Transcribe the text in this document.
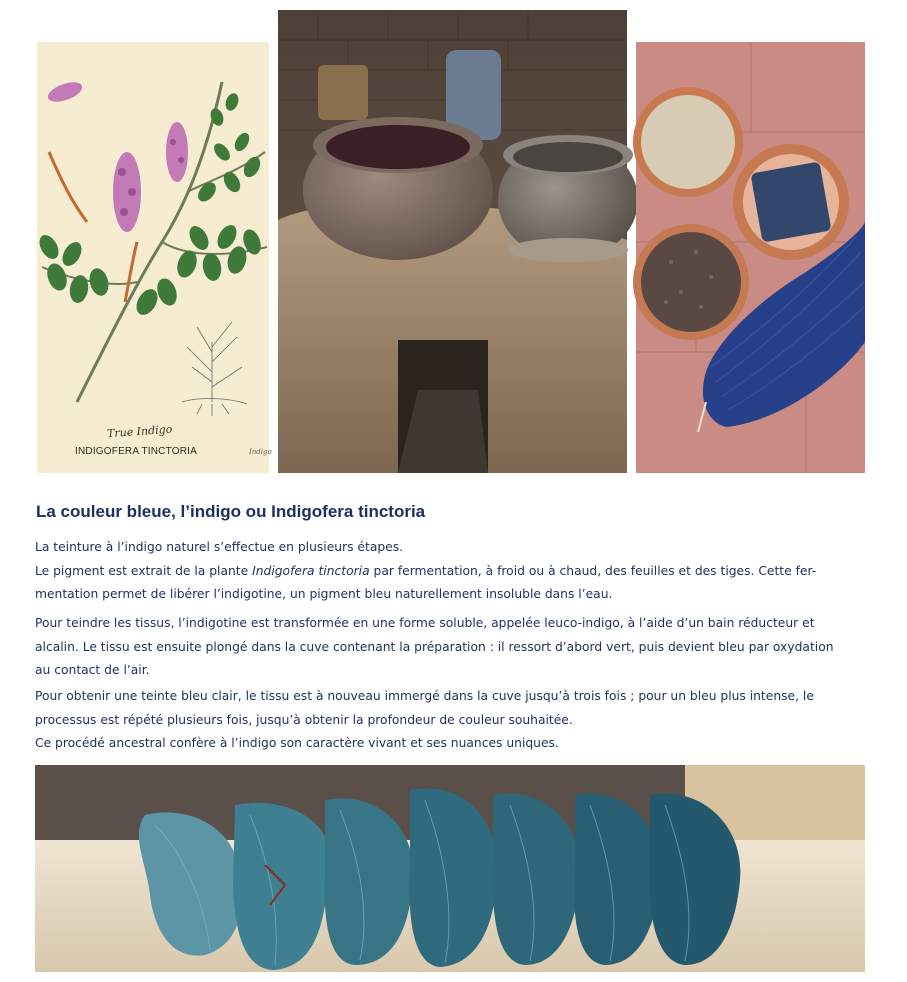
True Indigo
INDIGOFERA TINCTORIA	Indigo
La couleur bleue, l’indigo ou Indigofera tinctoria
La teinture à l’indigo naturel s’effectue en plusieurs étapes.
Le pigment est extrait de la plante Indigofera tinctoria par fermentation, à froid ou à chaud, des feuilles et des tiges. Cette fer-
mentation permet de libérer l’indigotine, un pigment bleu naturellement insoluble dans l’eau.
Pour teindre les tissus, l’indigotine est transformée en une forme soluble, appelée leuco-indigo, à l’aide d’un bain réducteur et
alcalin. Le tissu est ensuite plongé dans la cuve contenant la préparation : il ressort d’abord vert, puis devient bleu par oxydation
au contact de l’air.
Pour obtenir une teinte bleu clair, le tissu est à nouveau immergé dans la cuve jusqu’à trois fois ; pour un bleu plus intense, le
processus est répété plusieurs fois, jusqu’à obtenir la profondeur de couleur souhaitée.
Ce procédé ancestral confère à l’indigo son caractère vivant et ses nuances uniques.
